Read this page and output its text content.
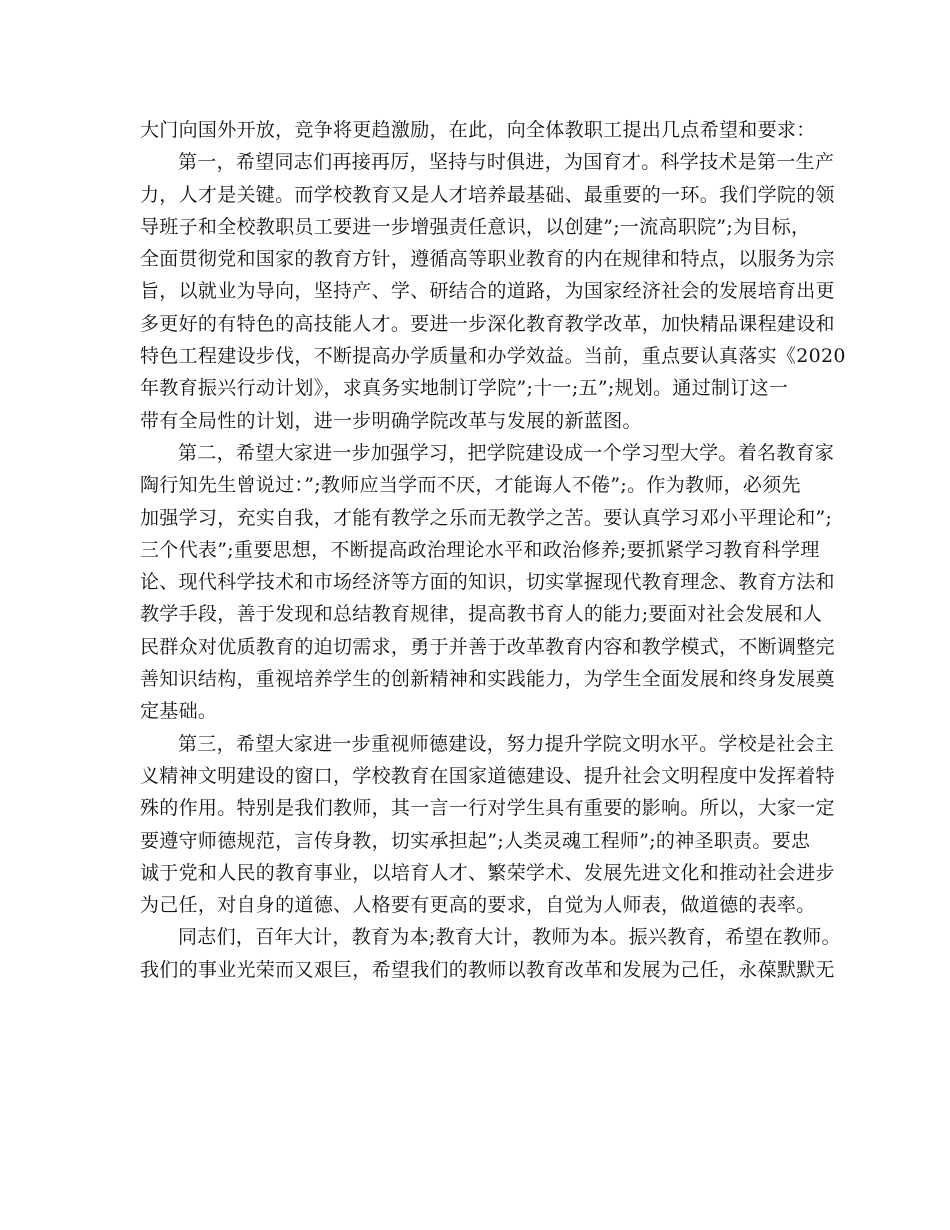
大门向国外开放，竞争将更趋激励，在此，向全体教职工提出几点希望和要求：
第一，希望同志们再接再厉，坚持与时俱进，为国育才。科学技术是第一生产
力，人才是关键。而学校教育又是人才培养最基础、最重要的一环。我们学院的领
导班子和全校教职员工要进一步增强责任意识，以创建”;一流高职院”;为目标，
全面贯彻党和国家的教育方针，遵循高等职业教育的内在规律和特点，以服务为宗
旨，以就业为导向，坚持产、学、研结合的道路，为国家经济社会的发展培育出更
多更好的有特色的高技能人才。要进一步深化教育教学改革，加快精品课程建设和
特色工程建设步伐，不断提高办学质量和办学效益。当前，重点要认真落实《2020
年教育振兴行动计划》，求真务实地制订学院”;十一;五”;规划。通过制订这一
带有全局性的计划，进一步明确学院改革与发展的新蓝图。
第二，希望大家进一步加强学习，把学院建设成一个学习型大学。着名教育家
陶行知先生曾说过：”;教师应当学而不厌，才能诲人不倦”;。作为教师，必须先
加强学习，充实自我，才能有教学之乐而无教学之苦。要认真学习邓小平理论和”;
三个代表”;重要思想，不断提高政治理论水平和政治修养;要抓紧学习教育科学理
论、现代科学技术和市场经济等方面的知识，切实掌握现代教育理念、教育方法和
教学手段，善于发现和总结教育规律，提高教书育人的能力;要面对社会发展和人
民群众对优质教育的迫切需求，勇于并善于改革教育内容和教学模式，不断调整完
善知识结构，重视培养学生的创新精神和实践能力，为学生全面发展和终身发展奠
定基础。
第三，希望大家进一步重视师德建设，努力提升学院文明水平。学校是社会主
义精神文明建设的窗口，学校教育在国家道德建设、提升社会文明程度中发挥着特
殊的作用。特别是我们教师，其一言一行对学生具有重要的影响。所以，大家一定
要遵守师德规范，言传身教，切实承担起”;人类灵魂工程师”;的神圣职责。要忠
诚于党和人民的教育事业，以培育人才、繁荣学术、发展先进文化和推动社会进步
为己任，对自身的道德、人格要有更高的要求，自觉为人师表，做道德的表率。
同志们，百年大计，教育为本;教育大计，教师为本。振兴教育，希望在教师。
我们的事业光荣而又艰巨，希望我们的教师以教育改革和发展为己任，永葆默默无
